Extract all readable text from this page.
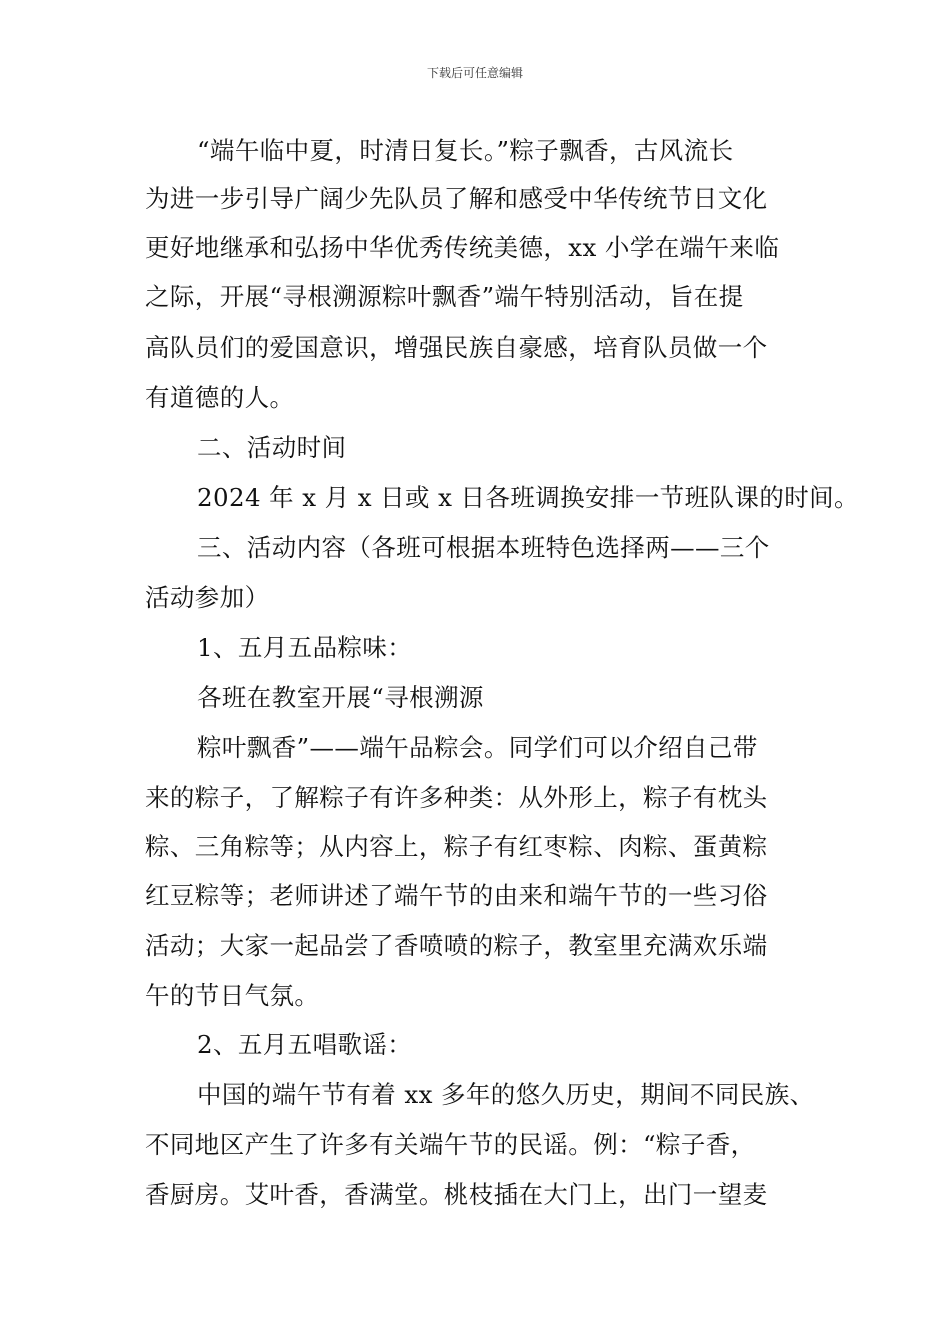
下载后可任意编辑
“端午临中夏，时清日复长。”粽子飘香，古风流长
为进一步引导广阔少先队员了解和感受中华传统节日文化
更好地继承和弘扬中华优秀传统美德，xx 小学在端午来临
之际，开展“寻根溯源粽叶飘香”端午特别活动，旨在提
高队员们的爱国意识，增强民族自豪感，培育队员做一个
有道德的人。
二、活动时间
2024 年 x 月 x 日或 x 日各班调换安排一节班队课的时间。
三、活动内容（各班可根据本班特色选择两——三个
活动参加）
1、五月五品粽味：
各班在教室开展“寻根溯源
粽叶飘香”——端午品粽会。同学们可以介绍自己带
来的粽子，了解粽子有许多种类：从外形上，粽子有枕头
粽、三角粽等；从内容上，粽子有红枣粽、肉粽、蛋黄粽
红豆粽等；老师讲述了端午节的由来和端午节的一些习俗
活动；大家一起品尝了香喷喷的粽子，教室里充满欢乐端
午的节日气氛。
2、五月五唱歌谣：
中国的端午节有着 xx 多年的悠久历史，期间不同民族、
不同地区产生了许多有关端午节的民谣。例：“粽子香，
香厨房。艾叶香，香满堂。桃枝插在大门上，出门一望麦
